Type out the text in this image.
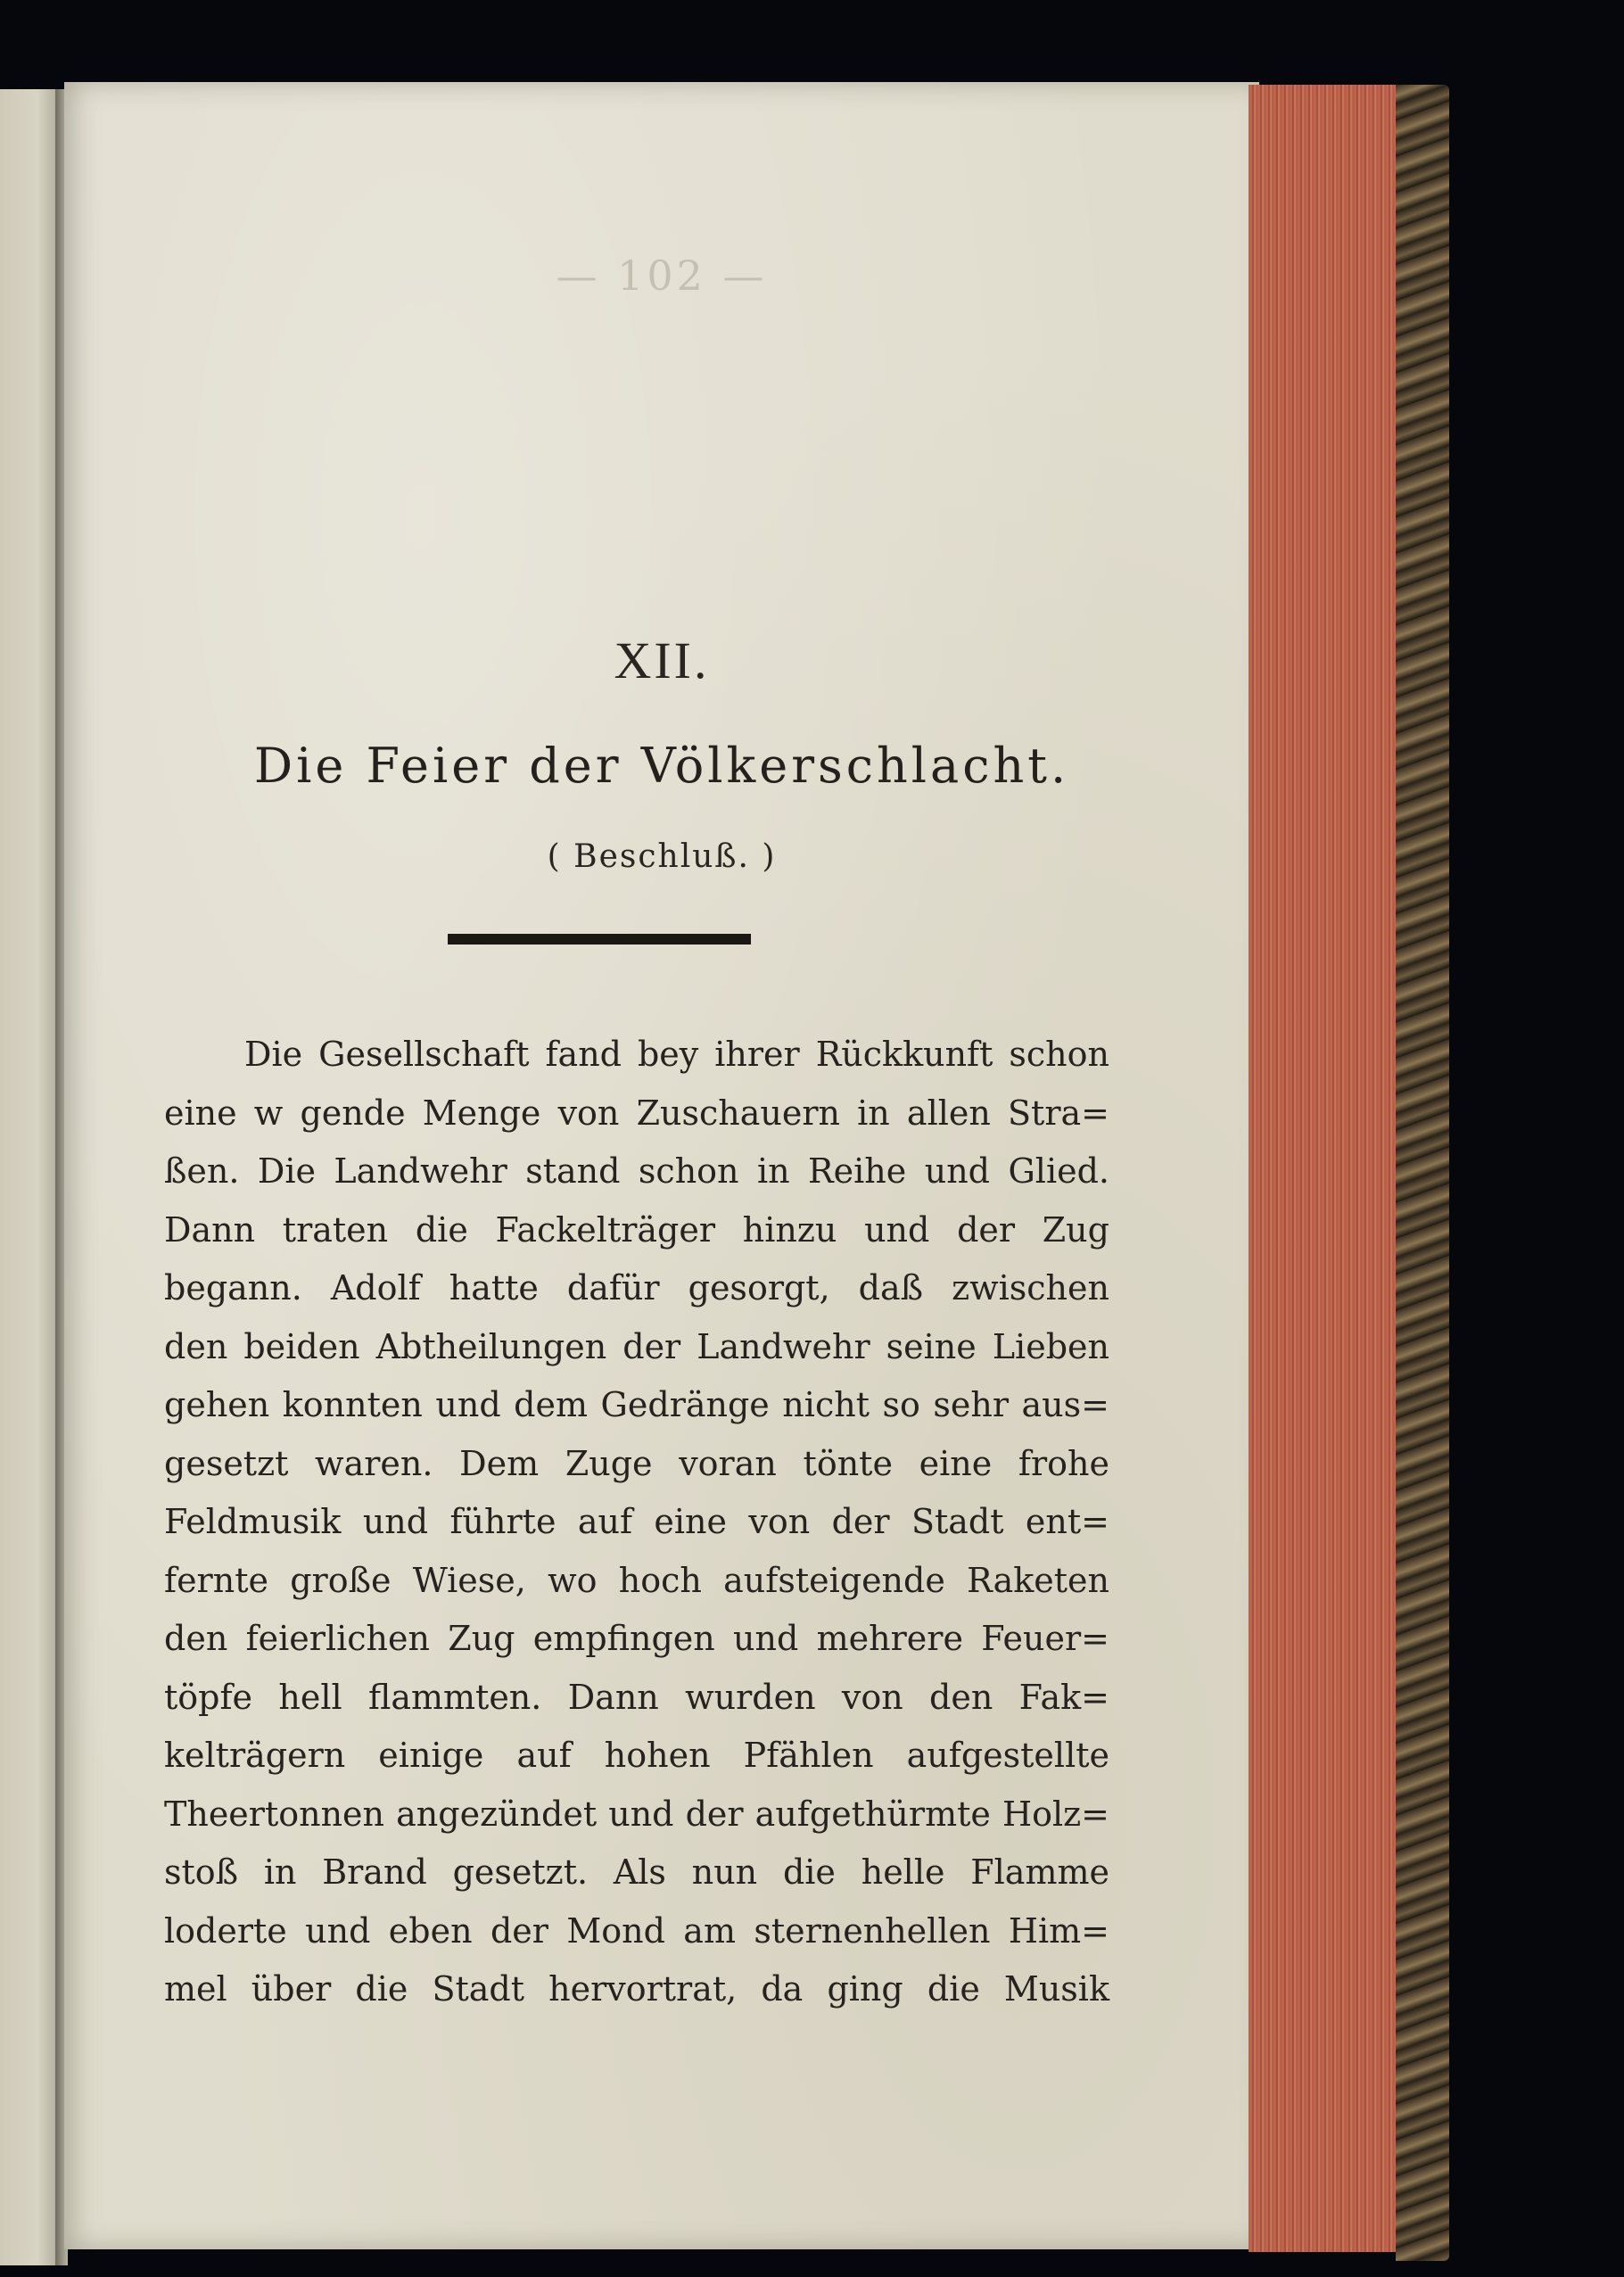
— 102 —
XII.
Die Feier der Völkerschlacht.
( Beschluß. )
Die Gesellschaft fand bey ihrer Rückkunft schon
eine w gende Menge von Zuschauern in allen Stra=
ßen. Die Landwehr stand schon in Reihe und Glied.
Dann traten die Fackelträger hinzu und der Zug
begann. Adolf hatte dafür gesorgt, daß zwischen
den beiden Abtheilungen der Landwehr seine Lieben
gehen konnten und dem Gedränge nicht so sehr aus=
gesetzt waren. Dem Zuge voran tönte eine frohe
Feldmusik und führte auf eine von der Stadt ent=
fernte große Wiese, wo hoch aufsteigende Raketen
den feierlichen Zug empfingen und mehrere Feuer=
töpfe hell flammten. Dann wurden von den Fak=
kelträgern einige auf hohen Pfählen aufgestellte
Theertonnen angezündet und der aufgethürmte Holz=
stoß in Brand gesetzt. Als nun die helle Flamme
loderte und eben der Mond am sternenhellen Him=
mel über die Stadt hervortrat, da ging die Musik
